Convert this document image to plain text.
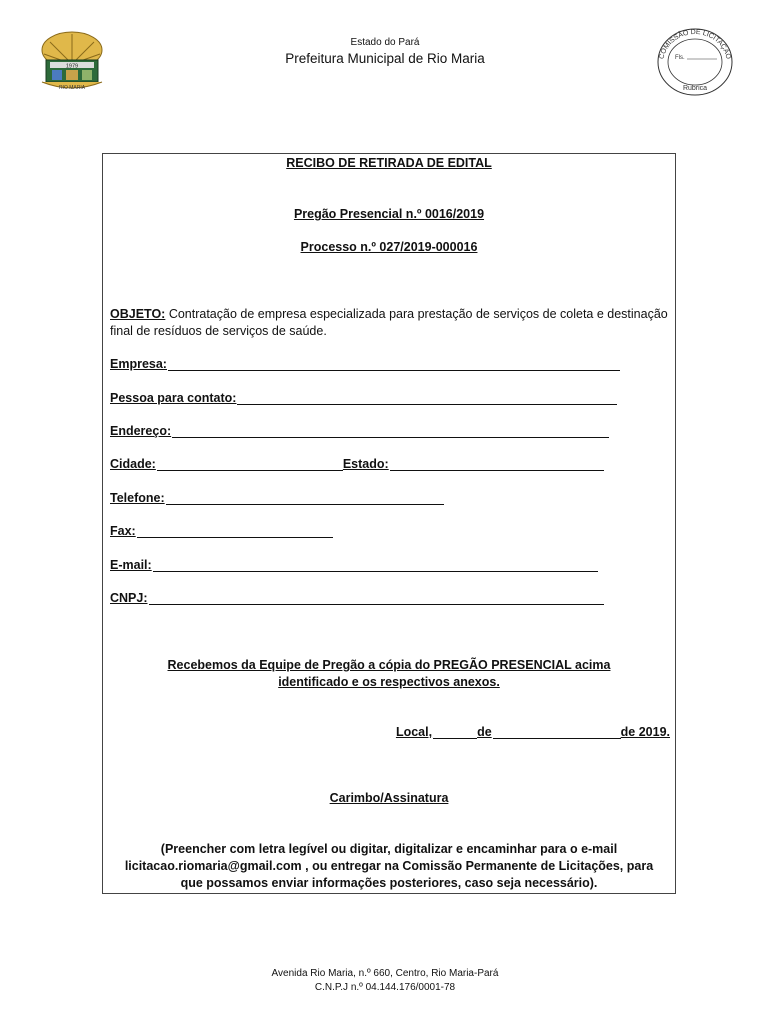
1979
RIO MARIA
Estado do Pará
Prefeitura Municipal de Rio Maria	COMISSÃO DE LICITAÇÃO
Fls.
Rubrica
RECIBO DE RETIRADA DE EDITAL
Pregão Presencial n.º 0016/2019
Processo n.º 027/2019-000016
OBJETO: Contratação de empresa especializada para prestação de serviços de coleta e destinação final de resíduos de serviços de saúde.
Empresa:
Pessoa para contato:
Endereço:
Cidade:	Estado:
Telefone:
Fax:
E-mail:
CNPJ:
Recebemos da Equipe de Pregão a cópia do PREGÃO PRESENCIAL acima identificado e os respectivos anexos.
Local,	de	de 2019.
Carimbo/Assinatura
(Preencher com letra legível ou digitar, digitalizar e encaminhar para o e-mail licitacao.riomaria@gmail.com , ou entregar na Comissão Permanente de Licitações, para que possamos enviar informações posteriores, caso seja necessário).
Avenida Rio Maria, n.º 660, Centro, Rio Maria-Pará
C.N.P.J n.º 04.144.176/0001-78
